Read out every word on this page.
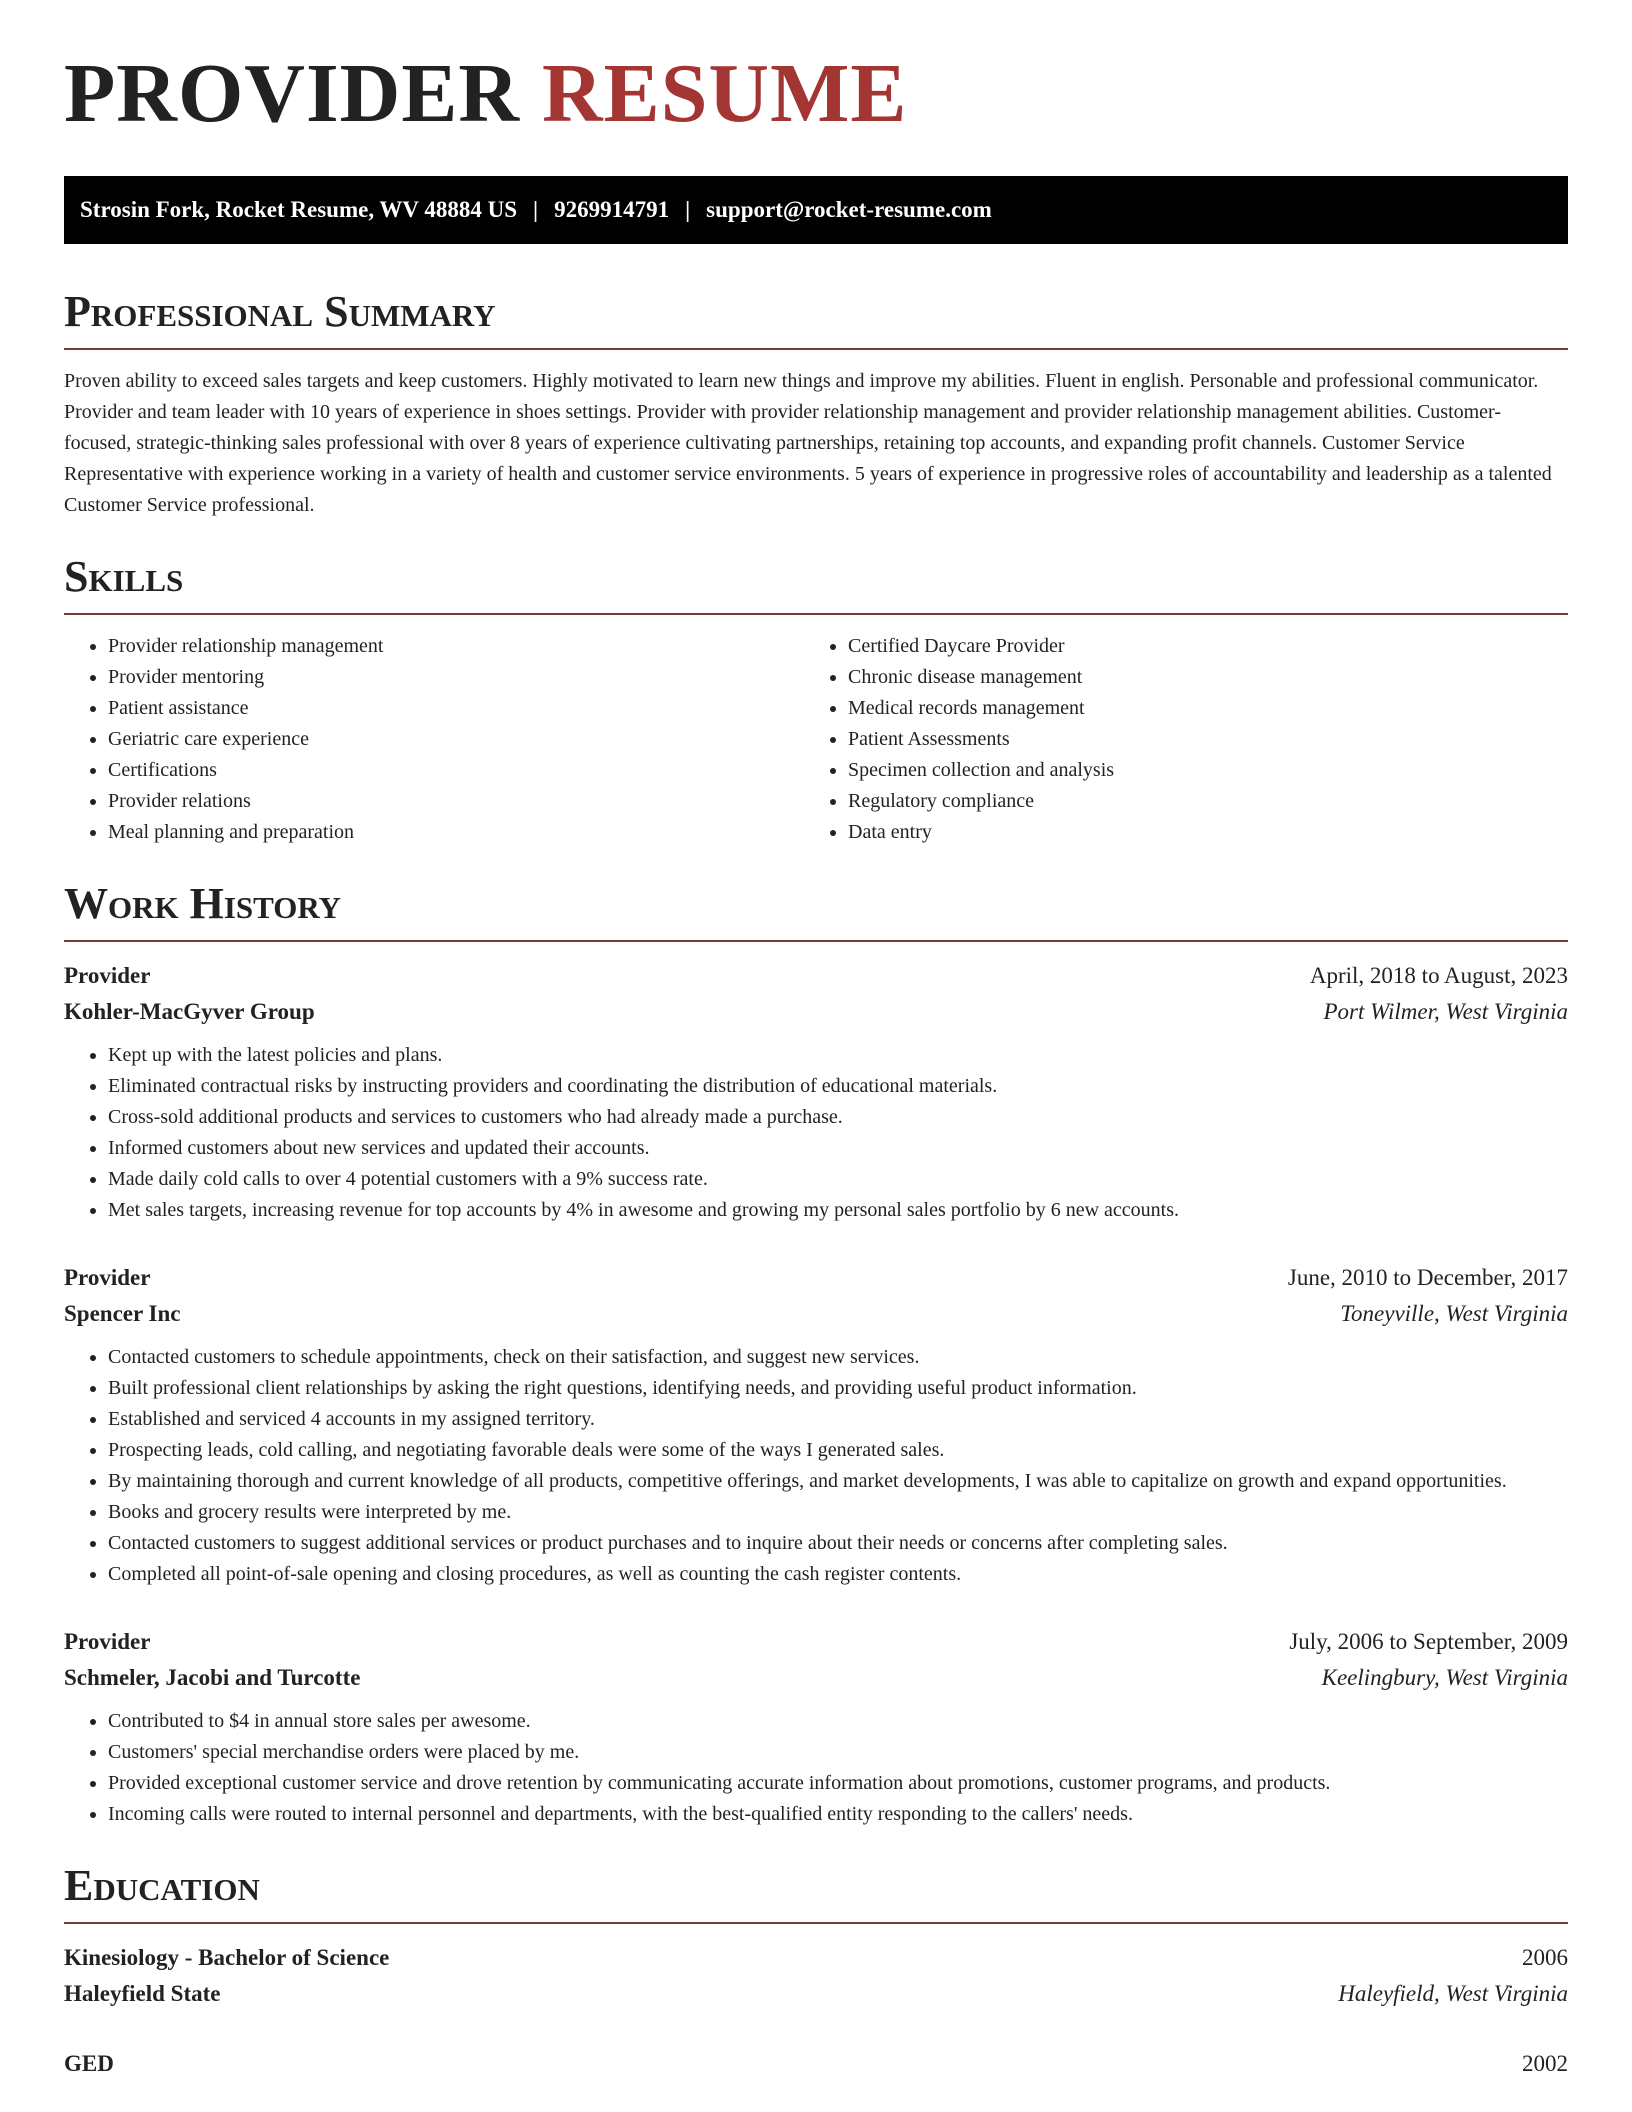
PROVIDER RESUME
Strosin Fork, Rocket Resume, WV 48884 US | 9269914791 | support@rocket-resume.com
Professional Summary

Proven ability to exceed sales targets and keep customers. Highly motivated to learn new things and improve my abilities. Fluent in english. Personable and professional communicator. Provider and team leader with 10 years of experience in shoes settings. Provider with provider relationship management and provider relationship management abilities. Customer-focused, strategic-thinking sales professional with over 8 years of experience cultivating partnerships, retaining top accounts, and expanding profit channels. Customer Service Representative with experience working in a variety of health and customer service environments. 5 years of experience in progressive roles of accountability and leadership as a talented Customer Service professional.

Skills
• Provider relationship management
• Provider mentoring
• Patient assistance
• Geriatric care experience
• Certifications
• Provider relations
• Meal planning and preparation
• Certified Daycare Provider
• Chronic disease management
• Medical records management
• Patient Assessments
• Specimen collection and analysis
• Regulatory compliance
• Data entry
Work History
Provider	April, 2018 to August, 2023
Kohler-MacGyver Group	Port Wilmer, West Virginia
• Kept up with the latest policies and plans.
• Eliminated contractual risks by instructing providers and coordinating the distribution of educational materials.
• Cross-sold additional products and services to customers who had already made a purchase.
• Informed customers about new services and updated their accounts.
• Made daily cold calls to over 4 potential customers with a 9% success rate.
• Met sales targets, increasing revenue for top accounts by 4% in awesome and growing my personal sales portfolio by 6 new accounts.
Provider	June, 2010 to December, 2017
Spencer Inc	Toneyville, West Virginia
• Contacted customers to schedule appointments, check on their satisfaction, and suggest new services.
• Built professional client relationships by asking the right questions, identifying needs, and providing useful product information.
• Established and serviced 4 accounts in my assigned territory.
• Prospecting leads, cold calling, and negotiating favorable deals were some of the ways I generated sales.
• By maintaining thorough and current knowledge of all products, competitive offerings, and market developments, I was able to capitalize on growth and expand opportunities.
• Books and grocery results were interpreted by me.
• Contacted customers to suggest additional services or product purchases and to inquire about their needs or concerns after completing sales.
• Completed all point-of-sale opening and closing procedures, as well as counting the cash register contents.
Provider	July, 2006 to September, 2009
Schmeler, Jacobi and Turcotte	Keelingbury, West Virginia
• Contributed to $4 in annual store sales per awesome.
• Customers' special merchandise orders were placed by me.
• Provided exceptional customer service and drove retention by communicating accurate information about promotions, customer programs, and products.
• Incoming calls were routed to internal personnel and departments, with the best-qualified entity responding to the callers' needs.
Education
Kinesiology - Bachelor of Science	2006
Haleyfield State	Haleyfield, West Virginia
GED	2002
